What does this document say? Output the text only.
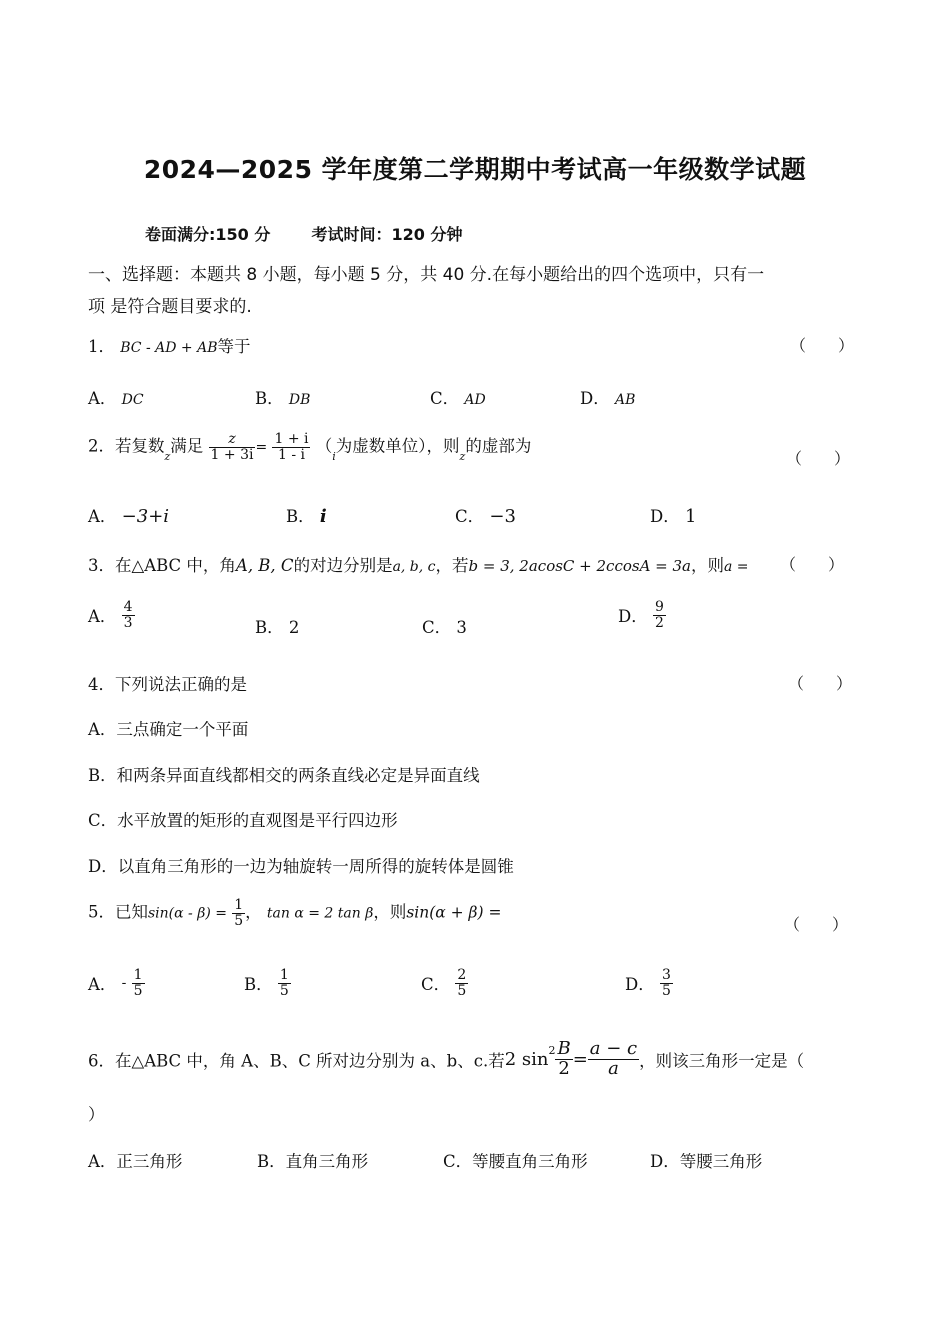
2024—2025 学年度第二学期期中考试高一年级数学试题
卷面满分:150 分	考试时间：120 分钟
一、选择题：本题共 8 小题，每小题 5 分，共 40 分.在每小题给出的四个选项中，只有一
项 是符合题目要求的.
1． BC - AD + AB等于	（　　）
A． DC	B． DB	C． AD	D． AB
2．若复数$_z$满足 $\frac{z}{1 + 3i} = \frac{1 + i}{1 - i} (_i$为虚数单位），则$_z$的虚部为
（　　）
A． −3+i	B． i	C． −3	D． 1
3．在△ABC 中，角A, B, C的对边分别是a, b, c，若b = 3, 2acosC + 2ccosA = 3a，则a = （　　）
A． $\frac{4}{3}$	B． 2	C． 3
D． $\frac{9}{2}$
4．下列说法正确的是	（　　）
A．三点确定一个平面
B．和两条异面直线都相交的两条直线必定是异面直线
C．水平放置的矩形的直观图是平行四边形
D．以直角三角形的一边为轴旋转一周所得的旋转体是圆锥
5．已知$\sin(\alpha - \beta) = \frac{1}{5}$ ， tan α = 2 tan β，则sin(α + β) =
（　　）
A． - $\frac{1}{5}$	B． $\frac{1}{5}$	C． $\frac{2}{5}$	D． $\frac{3}{5}$
6．在△ABC 中，角 A、B、C 所对边分别为 a、b、c.若2 $\sin^2 \frac{B}{2} = \frac{a - c}{a}$ ，则该三角形一定是（
）
A．正三角形	B．直角三角形	C．等腰直角三角形	D．等腰三角形
